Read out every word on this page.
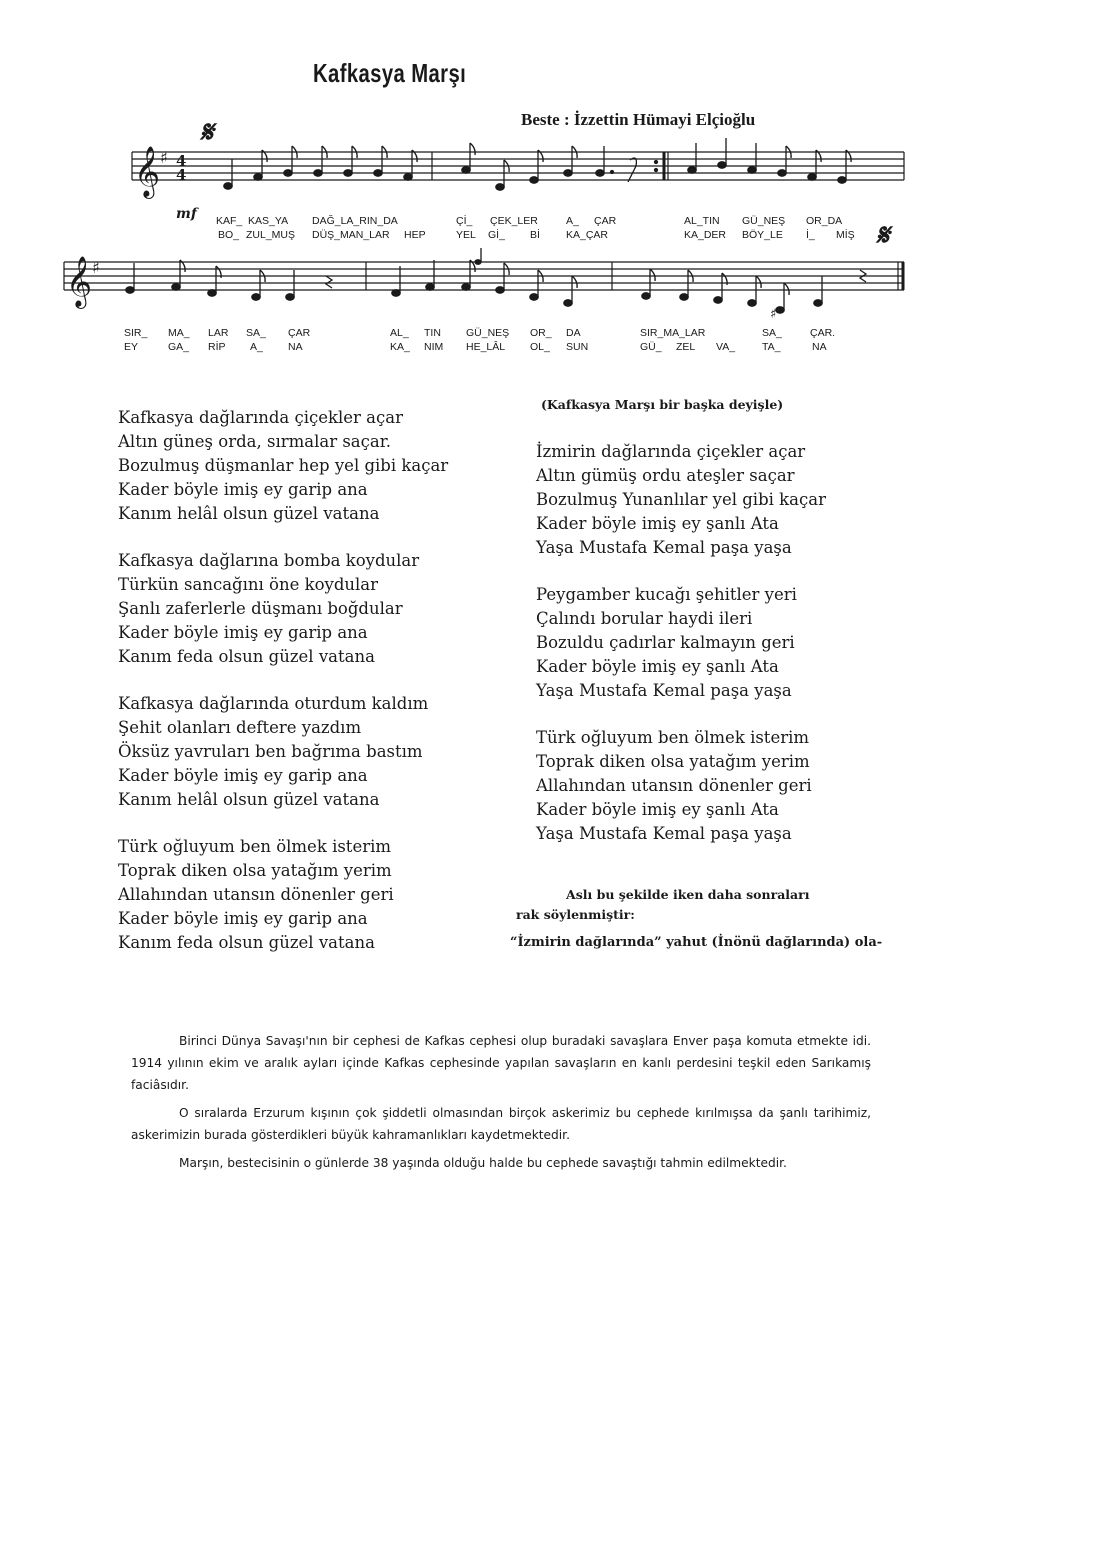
Kafkasya Marşı
Beste : İzzettin Hümayi Elçioğlu
𝄋
𝄋
𝄞 ♯ 4
4
mf KAF_ KAS_YA DAĞ_LA_RIN_DA	Çİ_ ÇEK_LER	A_ ÇAR	AL_TIN GÜ_NEŞ OR_DA
BO_ ZUL_MUŞ DÜŞ_MAN_LAR HEP	YEL Gİ_ Bİ KA_ÇAR	KA_DER BÖY_LE İ_ MİŞ
𝄞 ♯
♯
SIR_ MA_ LAR SA_ ÇAR	AL_ TIN GÜ_NEŞ OR_ DA	SIR_MA_LAR	SA_	ÇAR.
EY	GA_ RİP A_ NA	KA_ NIM HE_LÂL OL_ SUN	GÜ_ ZEL VA_	TA_	NA
Kafkasya dağlarında çiçekler açar
Altın güneş orda, sırmalar saçar.
Bozulmuş düşmanlar hep yel gibi kaçar
Kader böyle imiş ey garip ana
Kanım helâl olsun güzel vatana
Kafkasya dağlarına bomba koydular
Türkün sancağını öne koydular
Şanlı zaferlerle düşmanı boğdular
Kader böyle imiş ey garip ana
Kanım feda olsun güzel vatana
Kafkasya dağlarında oturdum kaldım
Şehit olanları deftere yazdım
Öksüz yavruları ben bağrıma bastım
Kader böyle imiş ey garip ana
Kanım helâl olsun güzel vatana
Türk oğluyum ben ölmek isterim
Toprak diken olsa yatağım yerim
Allahından utansın dönenler geri
Kader böyle imiş ey garip ana
Kanım feda olsun güzel vatana
(Kafkasya Marşı bir başka deyişle)
İzmirin dağlarında çiçekler açar
Altın gümüş ordu ateşler saçar
Bozulmuş Yunanlılar yel gibi kaçar
Kader böyle imiş ey şanlı Ata
Yaşa Mustafa Kemal paşa yaşa
Peygamber kucağı şehitler yeri
Çalındı borular haydi ileri
Bozuldu çadırlar kalmayın geri
Kader böyle imiş ey şanlı Ata
Yaşa Mustafa Kemal paşa yaşa
Türk oğluyum ben ölmek isterim
Toprak diken olsa yatağım yerim
Allahından utansın dönenler geri
Kader böyle imiş ey şanlı Ata
Yaşa Mustafa Kemal paşa yaşa
Aslı bu şekilde iken daha sonraları
rak söylenmiştir:
“İzmirin dağlarında” yahut (İnönü dağlarında) ola-

Birinci Dünya Savaşı'nın bir cephesi de Kafkas cephesi olup buradaki savaşlara Enver paşa komuta etmekte idi. 1914 yılının ekim ve aralık ayları içinde Kafkas cephesinde yapılan savaşların en kanlı perdesini teşkil eden Sarıkamış faciâsıdır.

O sıralarda Erzurum kışının çok şiddetli olmasından birçok askerimiz bu cephede kırılmışsa da şanlı tarihimiz, askerimizin burada gösterdikleri büyük kahramanlıkları kaydetmektedir.

Marşın, bestecisinin o günlerde 38 yaşında olduğu halde bu cephede savaştığı tahmin edilmektedir.
